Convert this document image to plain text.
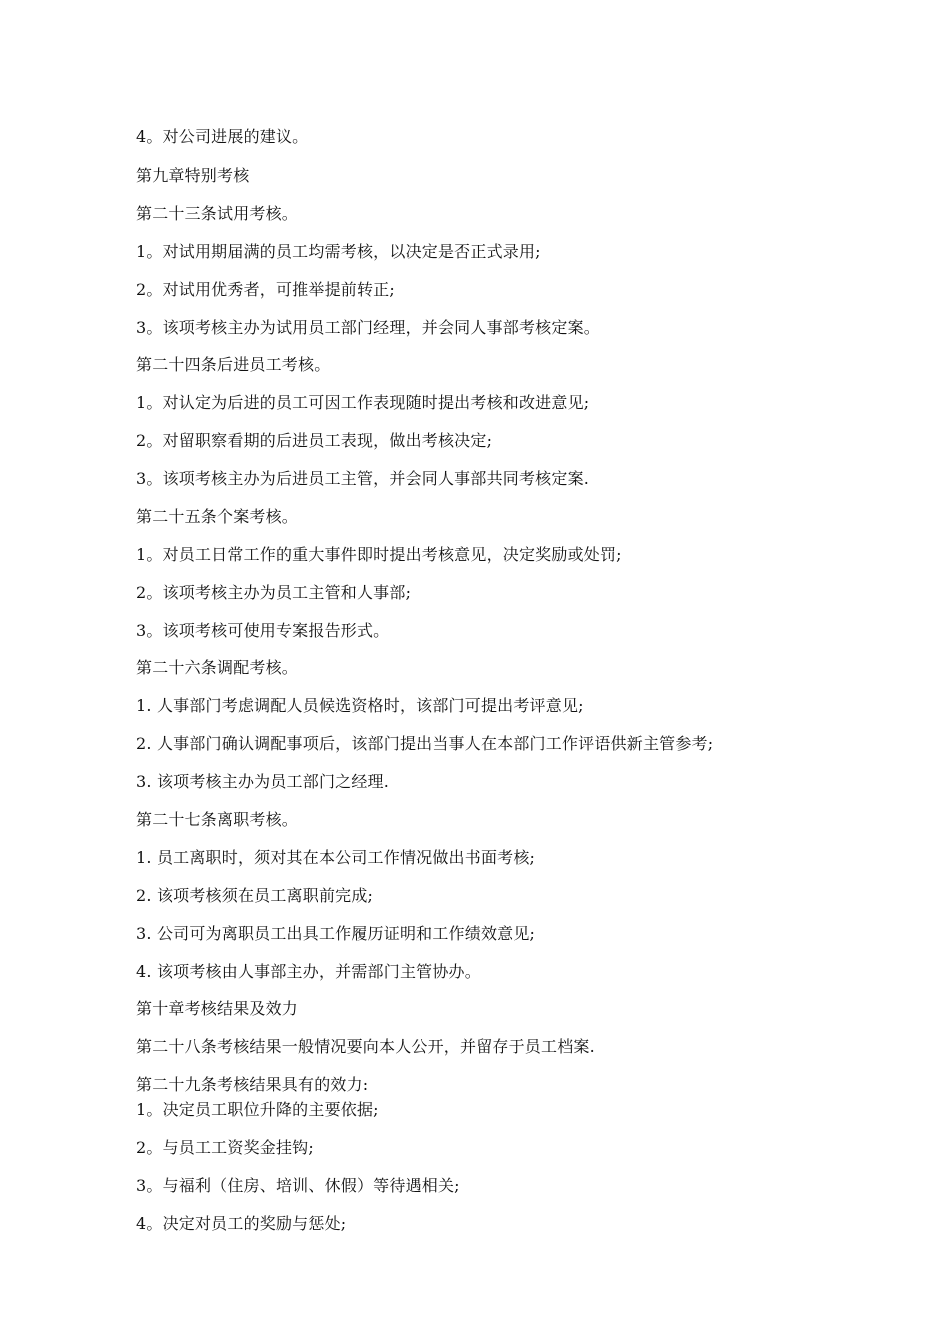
4。对公司进展的建议。
第九章特别考核
第二十三条试用考核。
1。对试用期届满的员工均需考核，以决定是否正式录用;
2。对试用优秀者，可推举提前转正;
3。该项考核主办为试用员工部门经理，并会同人事部考核定案。
第二十四条后进员工考核。
1。对认定为后进的员工可因工作表现随时提出考核和改进意见;
2。对留职察看期的后进员工表现，做出考核决定;
3。该项考核主办为后进员工主管，并会同人事部共同考核定案.
第二十五条个案考核。
1。对员工日常工作的重大事件即时提出考核意见，决定奖励或处罚;
2。该项考核主办为员工主管和人事部;
3。该项考核可使用专案报告形式。
第二十六条调配考核。
1. 人事部门考虑调配人员候选资格时，该部门可提出考评意见;
2. 人事部门确认调配事项后，该部门提出当事人在本部门工作评语供新主管参考;
3. 该项考核主办为员工部门之经理.
第二十七条离职考核。
1. 员工离职时，须对其在本公司工作情况做出书面考核;
2. 该项考核须在员工离职前完成;
3. 公司可为离职员工出具工作履历证明和工作绩效意见;
4. 该项考核由人事部主办，并需部门主管协办。
第十章考核结果及效力
第二十八条考核结果一般情况要向本人公开，并留存于员工档案.
第二十九条考核结果具有的效力:
1。决定员工职位升降的主要依据;
2。与员工工资奖金挂钩;
3。与福利（住房、培训、休假）等待遇相关;
4。决定对员工的奖励与惩处;
